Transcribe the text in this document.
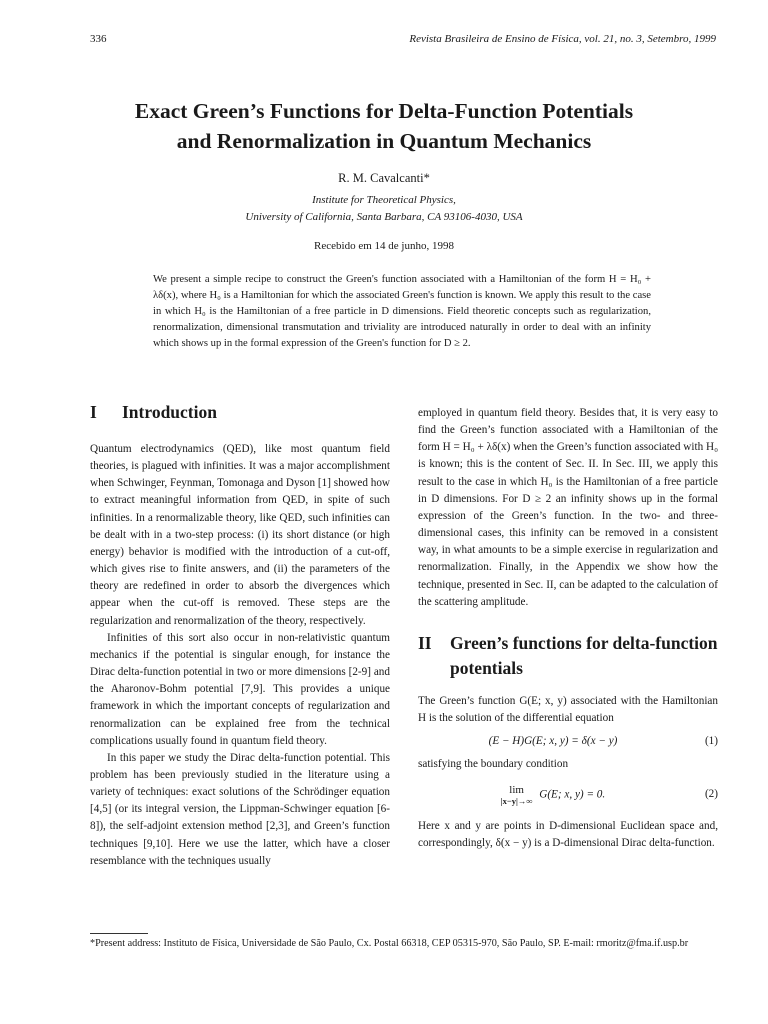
336	Revista Brasileira de Ensino de Física, vol. 21, no. 3, Setembro, 1999
Exact Green’s Functions for Delta-Function Potentials
and Renormalization in Quantum Mechanics
R. M. Cavalcanti*
Institute for Theoretical Physics,
University of California, Santa Barbara, CA 93106-4030, USA
Recebido em 14 de junho, 1998

We present a simple recipe to construct the Green's function associated with a Hamiltonian of the form H = H₀ + λδ(x), where H₀ is a Hamiltonian for which the associated Green's function is known. We apply this result to the case in which H₀ is the Hamiltonian of a free particle in D dimensions. Field theoretic concepts such as regularization, renormalization, dimensional transmutation and triviality are introduced naturally in order to deal with an infinity which shows up in the formal expression of the Green's function for D ≥ 2.

I	Introduction

Quantum electrodynamics (QED), like most quantum field theories, is plagued with infinities. It was a major accomplishment when Schwinger, Feynman, Tomonaga and Dyson [1] showed how to extract meaningful information from QED, in spite of such infinities. In a renormalizable theory, like QED, such infinities can be dealt with in a two-step process: (i) its short distance (or high energy) behavior is modified with the introduction of a cut-off, which gives rise to finite answers, and (ii) the parameters of the theory are redefined in order to absorb the divergences which appear when the cut-off is removed. These steps are the regularization and renormalization of the theory, respectively.

Infinities of this sort also occur in non-relativistic quantum mechanics if the potential is singular enough, for instance the Dirac delta-function potential in two or more dimensions [2-9] and the Aharonov-Bohm potential [7,9]. This provides a unique framework in which the important concepts of regularization and renormalization can be explained free from the technical complications usually found in quantum field theory.

In this paper we study the Dirac delta-function potential. This problem has been previously studied in the literature using a variety of techniques: exact solutions of the Schrödinger equation [4,5] (or its integral version, the Lippman-Schwinger equation [6-8]), the self-adjoint extension method [2,3], and Green’s function techniques [9,10]. Here we use the latter, which have a closer resemblance with the techniques usually

employed in quantum field theory. Besides that, it is very easy to find the Green’s function associated with a Hamiltonian of the form H = H₀ + λδ(x) when the Green’s function associated with H₀ is known; this is the content of Sec. II. In Sec. III, we apply this result to the case in which H₀ is the Hamiltonian of a free particle in D dimensions. For D ≥ 2 an infinity shows up in the formal expression of the Green’s function. In the two- and three-dimensional cases, this infinity can be removed in a consistent way, in what amounts to be a simple exercise in regularization and renormalization. Finally, in the Appendix we show how the technique, presented in Sec. II, can be adapted to the calculation of the scattering amplitude.

II	Green’s functions for delta-function potentials

The Green’s function G(E; x, y) associated with the Hamiltonian H is the solution of the differential equation

(E − H)G(E; x, y) = δ(x − y)	(1)

satisfying the boundary condition

lim
|x−y|→∞
G(E; x, y) = 0.	(2)

Here x and y are points in D-dimensional Euclidean space and, correspondingly, δ(x − y) is a D-dimensional Dirac delta-function.

*Present address: Instituto de Física, Universidade de São Paulo, Cx. Postal 66318, CEP 05315-970, São Paulo, SP. E-mail: rmoritz@fma.if.usp.br
